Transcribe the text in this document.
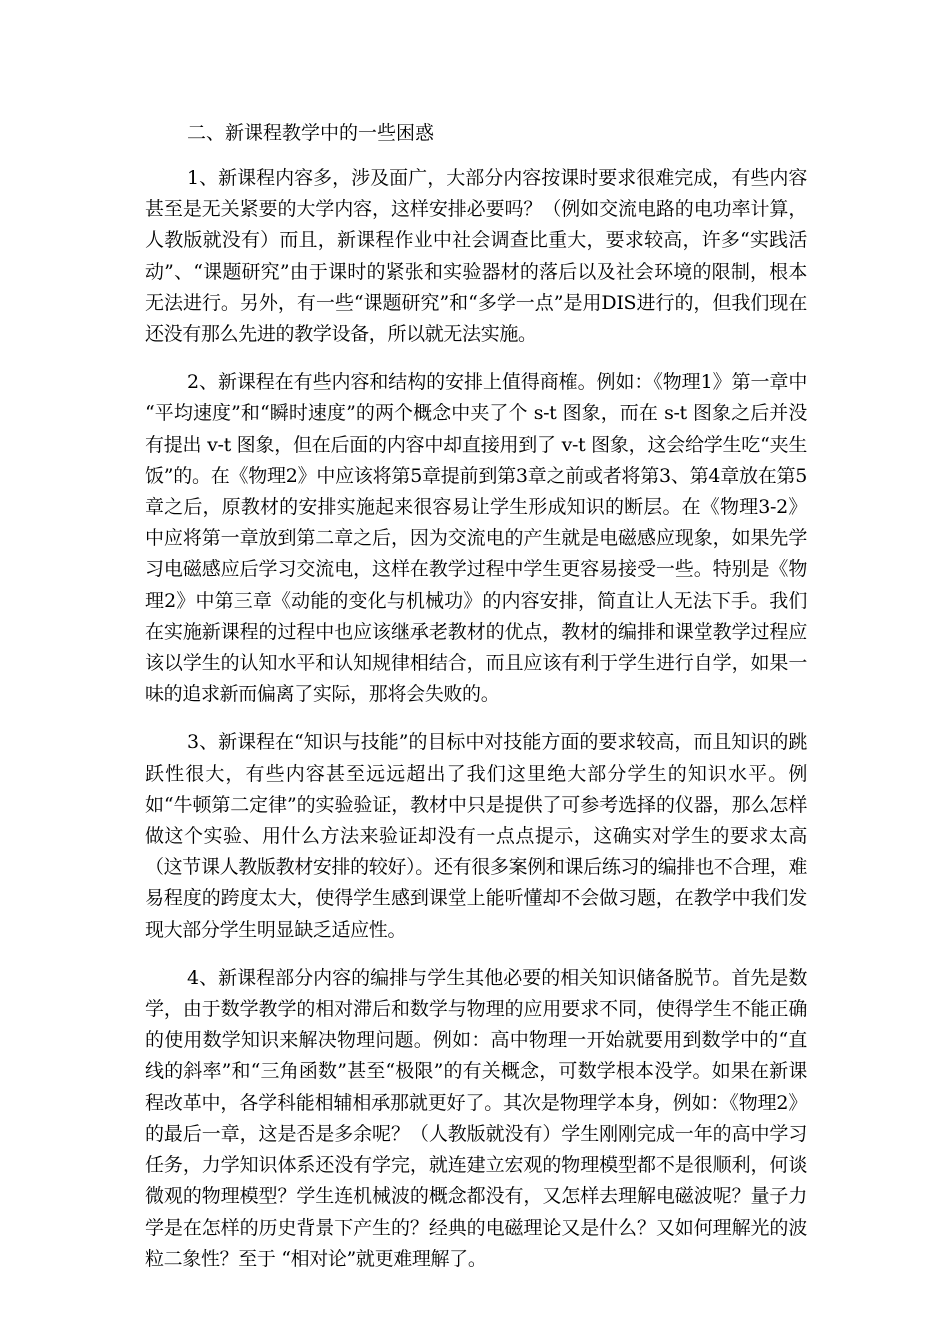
二、新课程教学中的一些困惑

1、新课程内容多，涉及面广，大部分内容按课时要求很难完成，有些内容甚至是无关紧要的大学内容，这样安排必要吗？（例如交流电路的电功率计算，人教版就没有）而且，新课程作业中社会调查比重大，要求较高，许多“实践活动”、“课题研究”由于课时的紧张和实验器材的落后以及社会环境的限制，根本无法进行。另外，有一些“课题研究”和“多学一点”是用DIS进行的，但我们现在还没有那么先进的教学设备，所以就无法实施。

2、新课程在有些内容和结构的安排上值得商榷。例如：《物理1》第一章中 “平均速度”和“瞬时速度”的两个概念中夹了个 s-t 图象，而在 s-t 图象之后并没有提出 v-t 图象，但在后面的内容中却直接用到了 v-t 图象，这会给学生吃“夹生饭”的。在《物理2》中应该将第5章提前到第3章之前或者将第3、第4章放在第5章之后，原教材的安排实施起来很容易让学生形成知识的断层。在《物理3-2》中应将第一章放到第二章之后，因为交流电的产生就是电磁感应现象，如果先学习电磁感应后学习交流电，这样在教学过程中学生更容易接受一些。特别是《物理2》中第三章《动能的变化与机械功》的内容安排，简直让人无法下手。我们在实施新课程的过程中也应该继承老教材的优点，教材的编排和课堂教学过程应该以学生的认知水平和认知规律相结合，而且应该有利于学生进行自学，如果一味的追求新而偏离了实际，那将会失败的。

3、新课程在“知识与技能”的目标中对技能方面的要求较高，而且知识的跳跃性很大，有些内容甚至远远超出了我们这里绝大部分学生的知识水平。例如“牛顿第二定律”的实验验证，教材中只是提供了可参考选择的仪器，那么怎样做这个实验、用什么方法来验证却没有一点点提示，这确实对学生的要求太高（这节课人教版教材安排的较好）。还有很多案例和课后练习的编排也不合理，难易程度的跨度太大，使得学生感到课堂上能听懂却不会做习题，在教学中我们发现大部分学生明显缺乏适应性。

4、新课程部分内容的编排与学生其他必要的相关知识储备脱节。首先是数学，由于数学教学的相对滞后和数学与物理的应用要求不同，使得学生不能正确的使用数学知识来解决物理问题。例如：高中物理一开始就要用到数学中的“直线的斜率”和“三角函数”甚至“极限”的有关概念，可数学根本没学。如果在新课程改革中，各学科能相辅相承那就更好了。其次是物理学本身，例如：《物理2》的最后一章，这是否是多余呢？（人教版就没有）学生刚刚完成一年的高中学习任务，力学知识体系还没有学完，就连建立宏观的物理模型都不是很顺利，何谈微观的物理模型？学生连机械波的概念都没有，又怎样去理解电磁波呢？量子力学是在怎样的历史背景下产生的？经典的电磁理论又是什么？又如何理解光的波粒二象性？至于 “相对论”就更难理解了。
